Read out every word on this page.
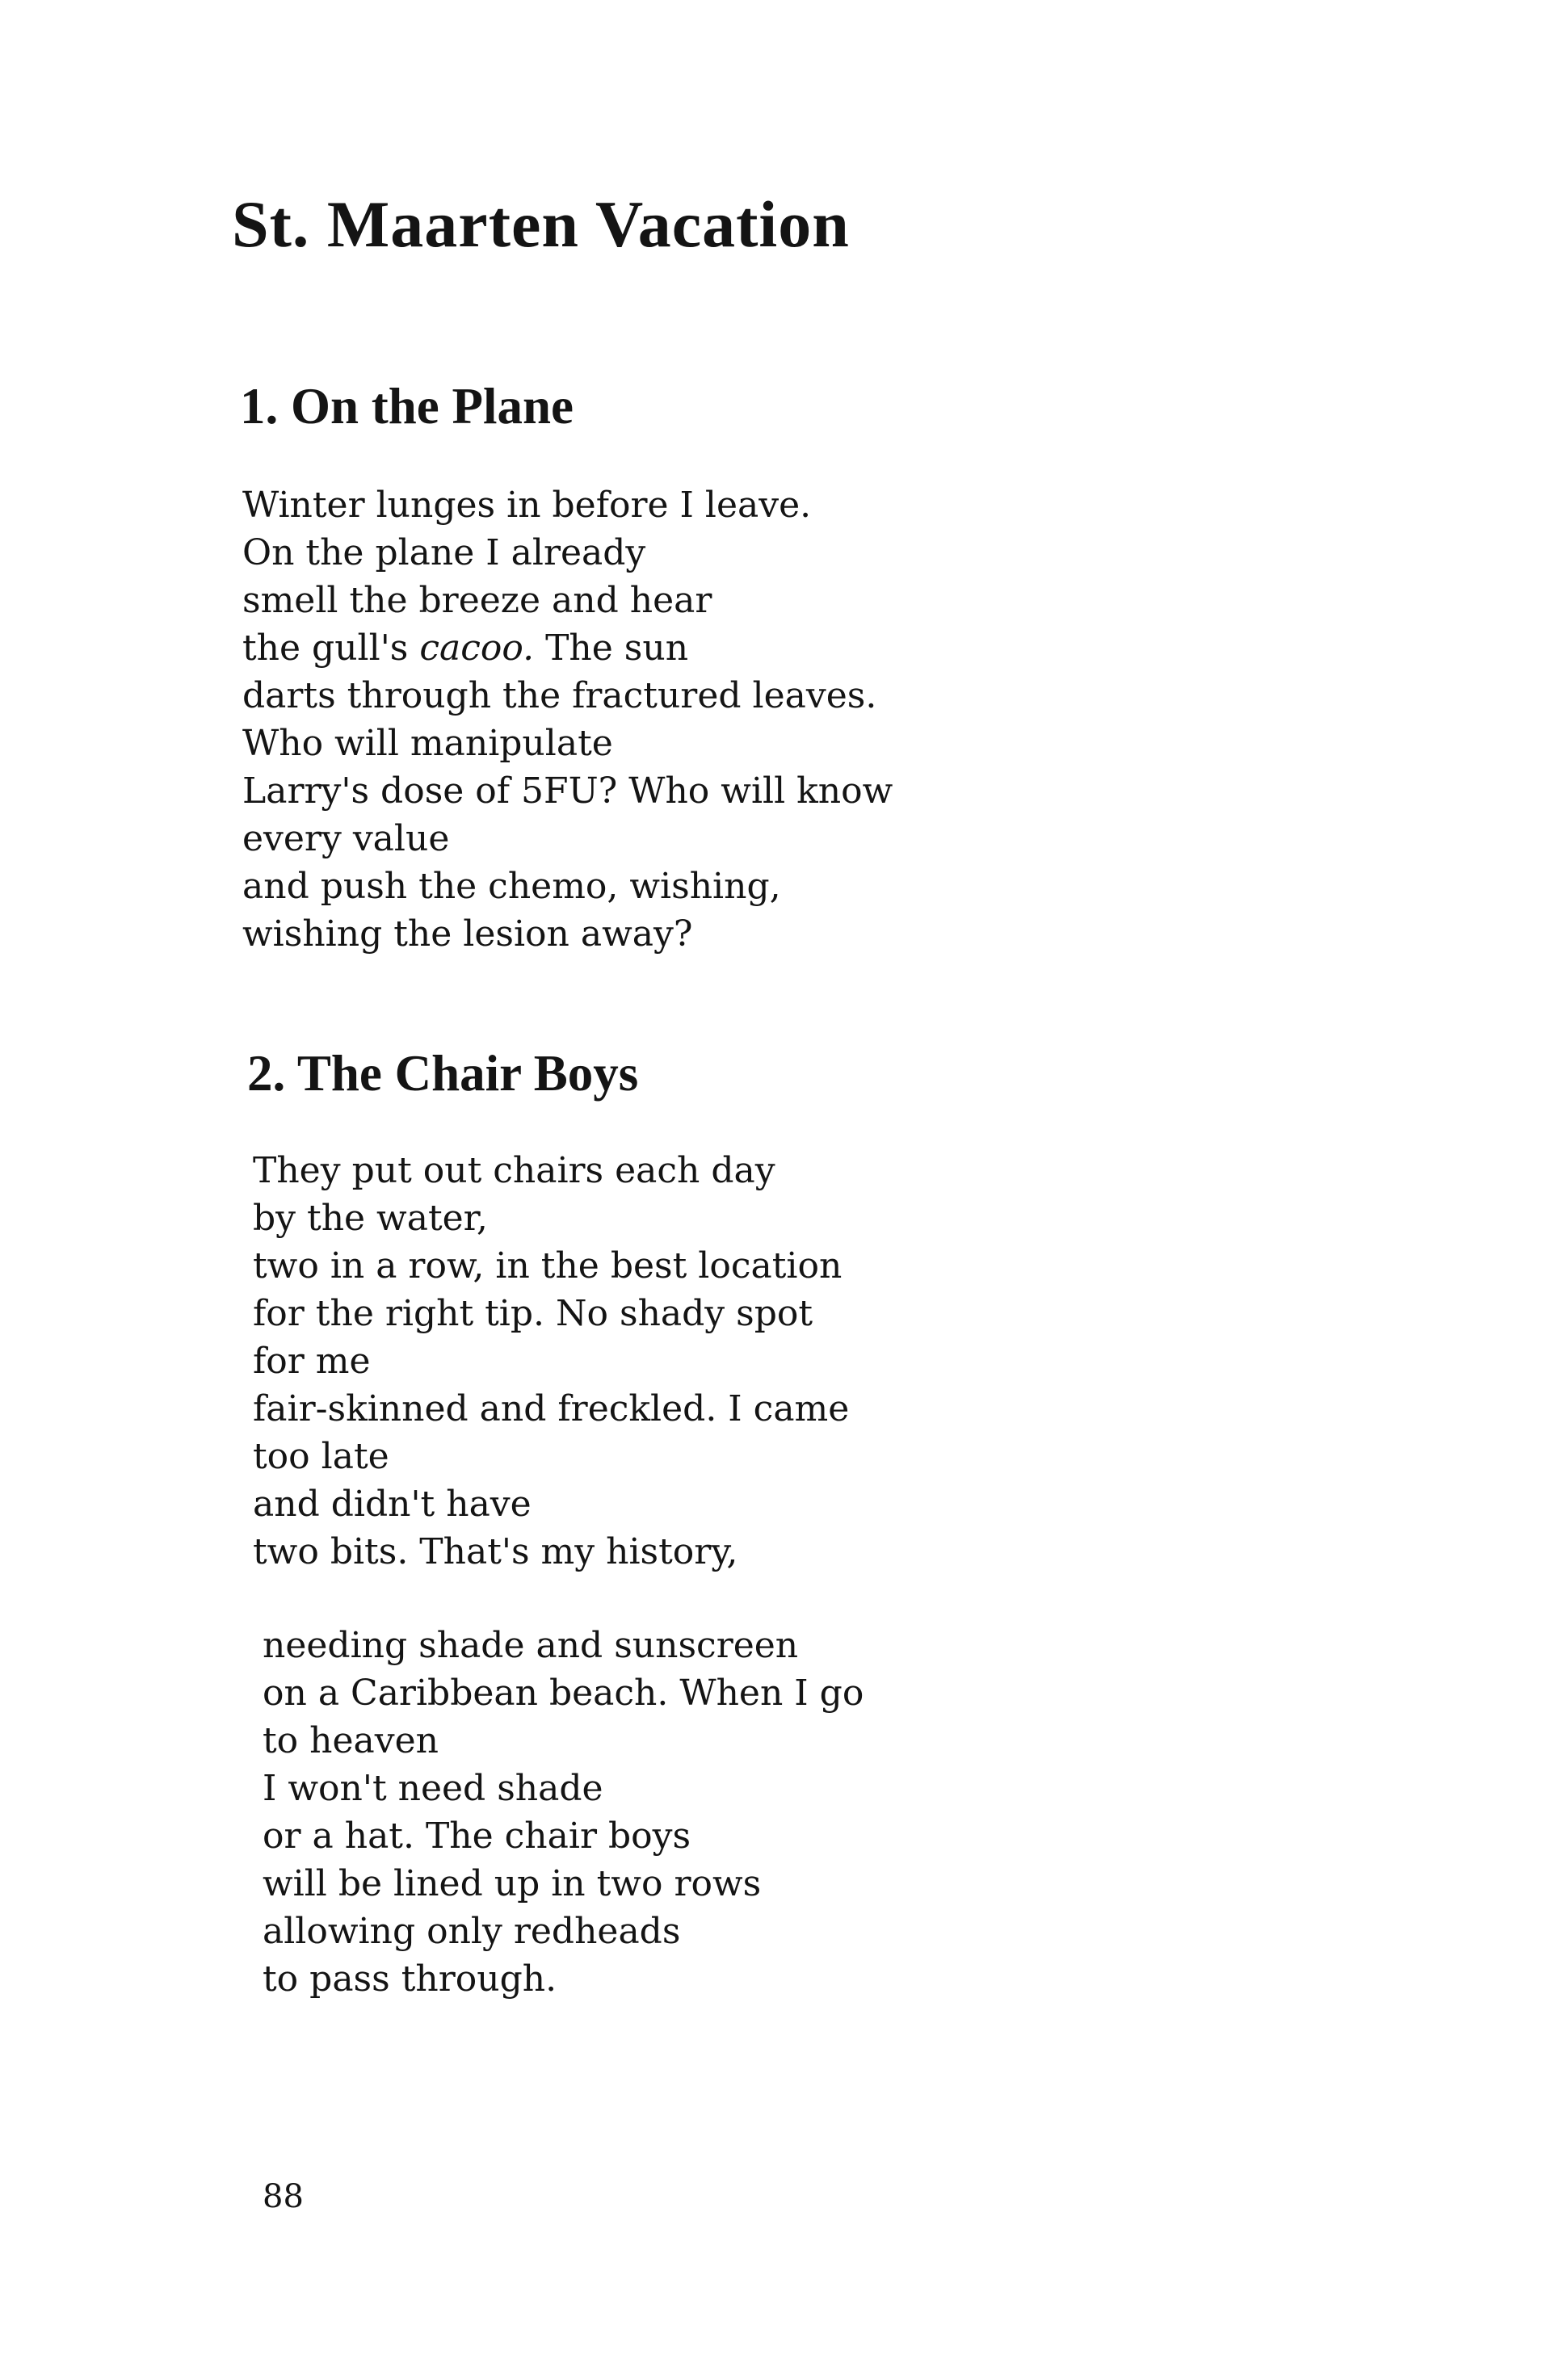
St. Maarten Vacation
1. On the Plane
Winter lunges in before I leave.
On the plane I already
smell the breeze and hear
the gull's cacoo. The sun
darts through the fractured leaves.
Who will manipulate
Larry's dose of 5FU? Who will know
every value
and push the chemo, wishing,
wishing the lesion away?
2. The Chair Boys
They put out chairs each day
by the water,
two in a row, in the best location
for the right tip. No shady spot
for me
fair-skinned and freckled. I came
too late
and didn't have
two bits. That's my history,
needing shade and sunscreen
on a Caribbean beach. When I go
to heaven
I won't need shade
or a hat. The chair boys
will be lined up in two rows
allowing only redheads
to pass through.

88
